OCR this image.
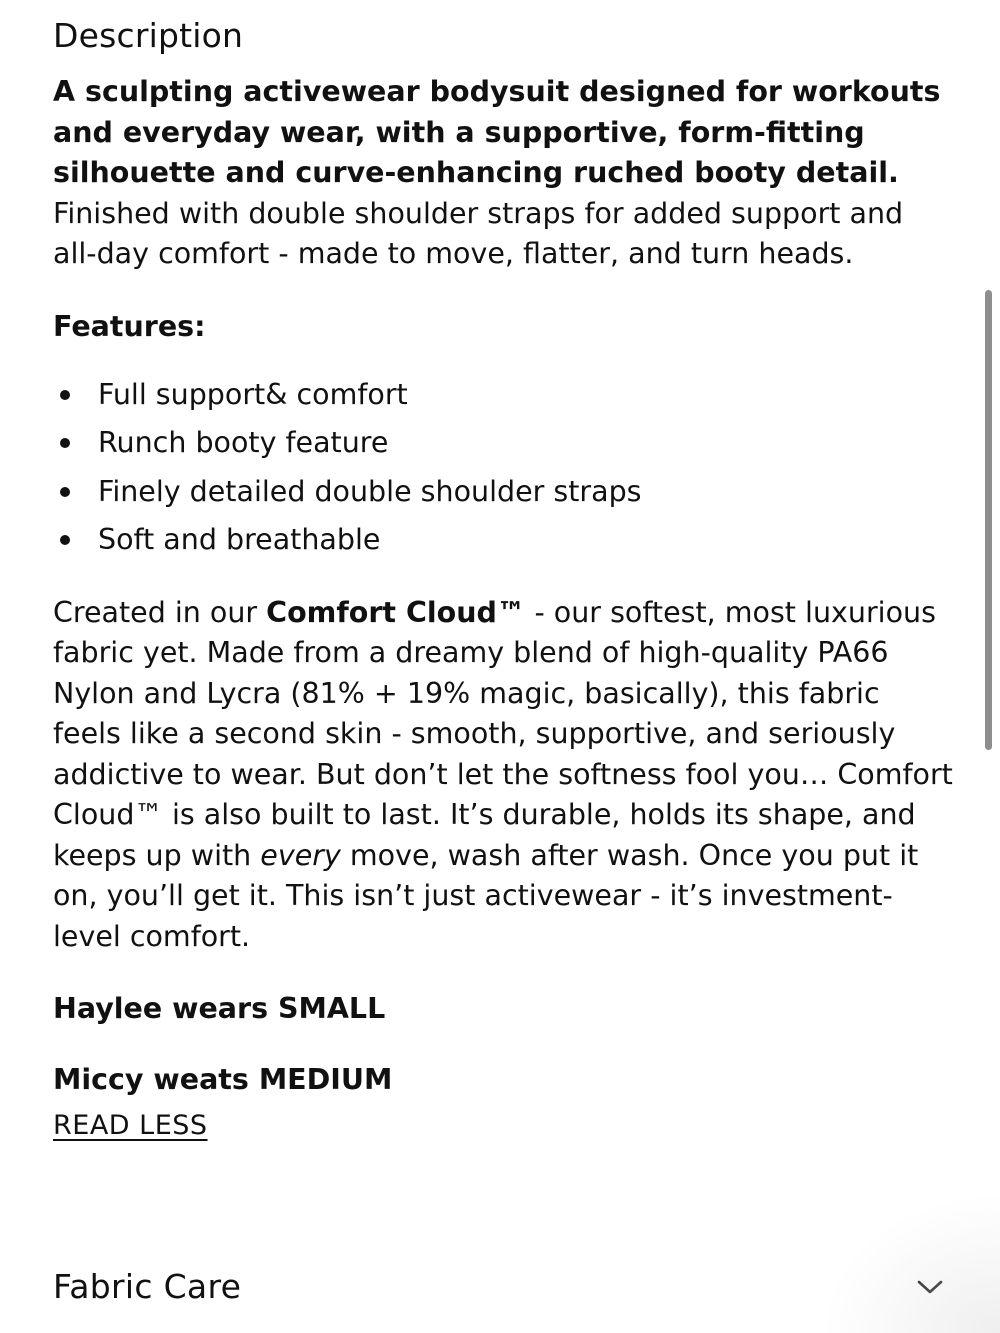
Description

A sculpting activewear bodysuit designed for workouts and everyday wear, with a supportive, form-fitting silhouette and curve-enhancing ruched booty detail. Finished with double shoulder straps for added support and all-day comfort - made to move, flatter, and turn heads.

Features:
Full support& comfort
Runch booty feature
Finely detailed double shoulder straps
Soft and breathable

Created in our Comfort Cloud™ - our softest, most luxurious fabric yet. Made from a dreamy blend of high-quality PA66 Nylon and Lycra (81% + 19% magic, basically), this fabric feels like a second skin - smooth, supportive, and seriously addictive to wear. But don’t let the softness fool you… Comfort Cloud™ is also built to last. It’s durable, holds its shape, and keeps up with every move, wash after wash. Once you put it on, you’ll get it. This isn’t just activewear - it’s investment-level comfort.

Haylee wears SMALL

Miccy weats MEDIUM

READ LESS
Fabric Care
